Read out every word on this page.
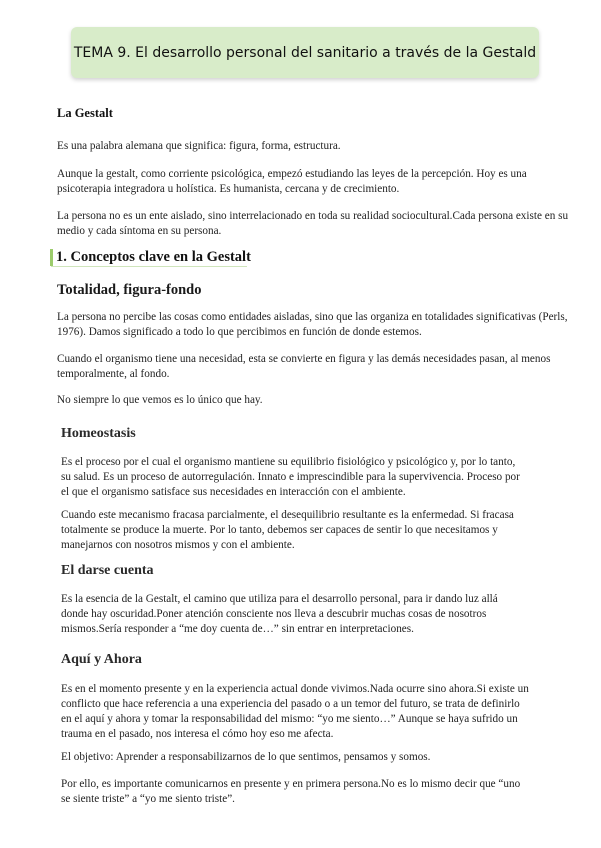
TEMA 9. El desarrollo personal del sanitario a través de la Gestald
La Gestalt

Es una palabra alemana que significa: figura, forma, estructura.

Aunque la gestalt, como corriente psicológica, empezó estudiando las leyes de la percepción. Hoy es una psicoterapia integradora u holística. Es humanista, cercana y de crecimiento.

La persona no es un ente aislado, sino interrelacionado en toda su realidad sociocultural.Cada persona existe en su medio y cada síntoma en su persona.

1. Conceptos clave en la Gestalt
Totalidad, figura-fondo

La persona no percibe las cosas como entidades aisladas, sino que las organiza en totalidades significativas (Perls, 1976). Damos significado a todo lo que percibimos en función de donde estemos.

Cuando el organismo tiene una necesidad, esta se convierte en figura y las demás necesidades pasan, al menos temporalmente, al fondo.

No siempre lo que vemos es lo único que hay.

Homeostasis

Es el proceso por el cual el organismo mantiene su equilibrio fisiológico y psicológico y, por lo tanto, su salud. Es un proceso de autorregulación. Innato e imprescindible para la supervivencia. Proceso por el que el organismo satisface sus necesidades en interacción con el ambiente.

Cuando este mecanismo fracasa parcialmente, el desequilibrio resultante es la enfermedad. Si fracasa totalmente se produce la muerte. Por lo tanto, debemos ser capaces de sentir lo que necesitamos y manejarnos con nosotros mismos y con el ambiente.

El darse cuenta

Es la esencia de la Gestalt, el camino que utiliza para el desarrollo personal, para ir dando luz allá donde hay oscuridad.Poner atención consciente nos lleva a descubrir muchas cosas de nosotros mismos.Sería responder a “me doy cuenta de…” sin entrar en interpretaciones.

Aquí y Ahora

Es en el momento presente y en la experiencia actual donde vivimos.Nada ocurre sino ahora.Si existe un conflicto que hace referencia a una experiencia del pasado o a un temor del futuro, se trata de definirlo en el aquí y ahora y tomar la responsabilidad del mismo: “yo me siento…” Aunque se haya sufrido un trauma en el pasado, nos interesa el cómo hoy eso me afecta.

El objetivo: Aprender a responsabilizarnos de lo que sentimos, pensamos y somos.

Por ello, es importante comunicarnos en presente y en primera persona.No es lo mismo decir que “uno se siente triste” a “yo me siento triste”.
